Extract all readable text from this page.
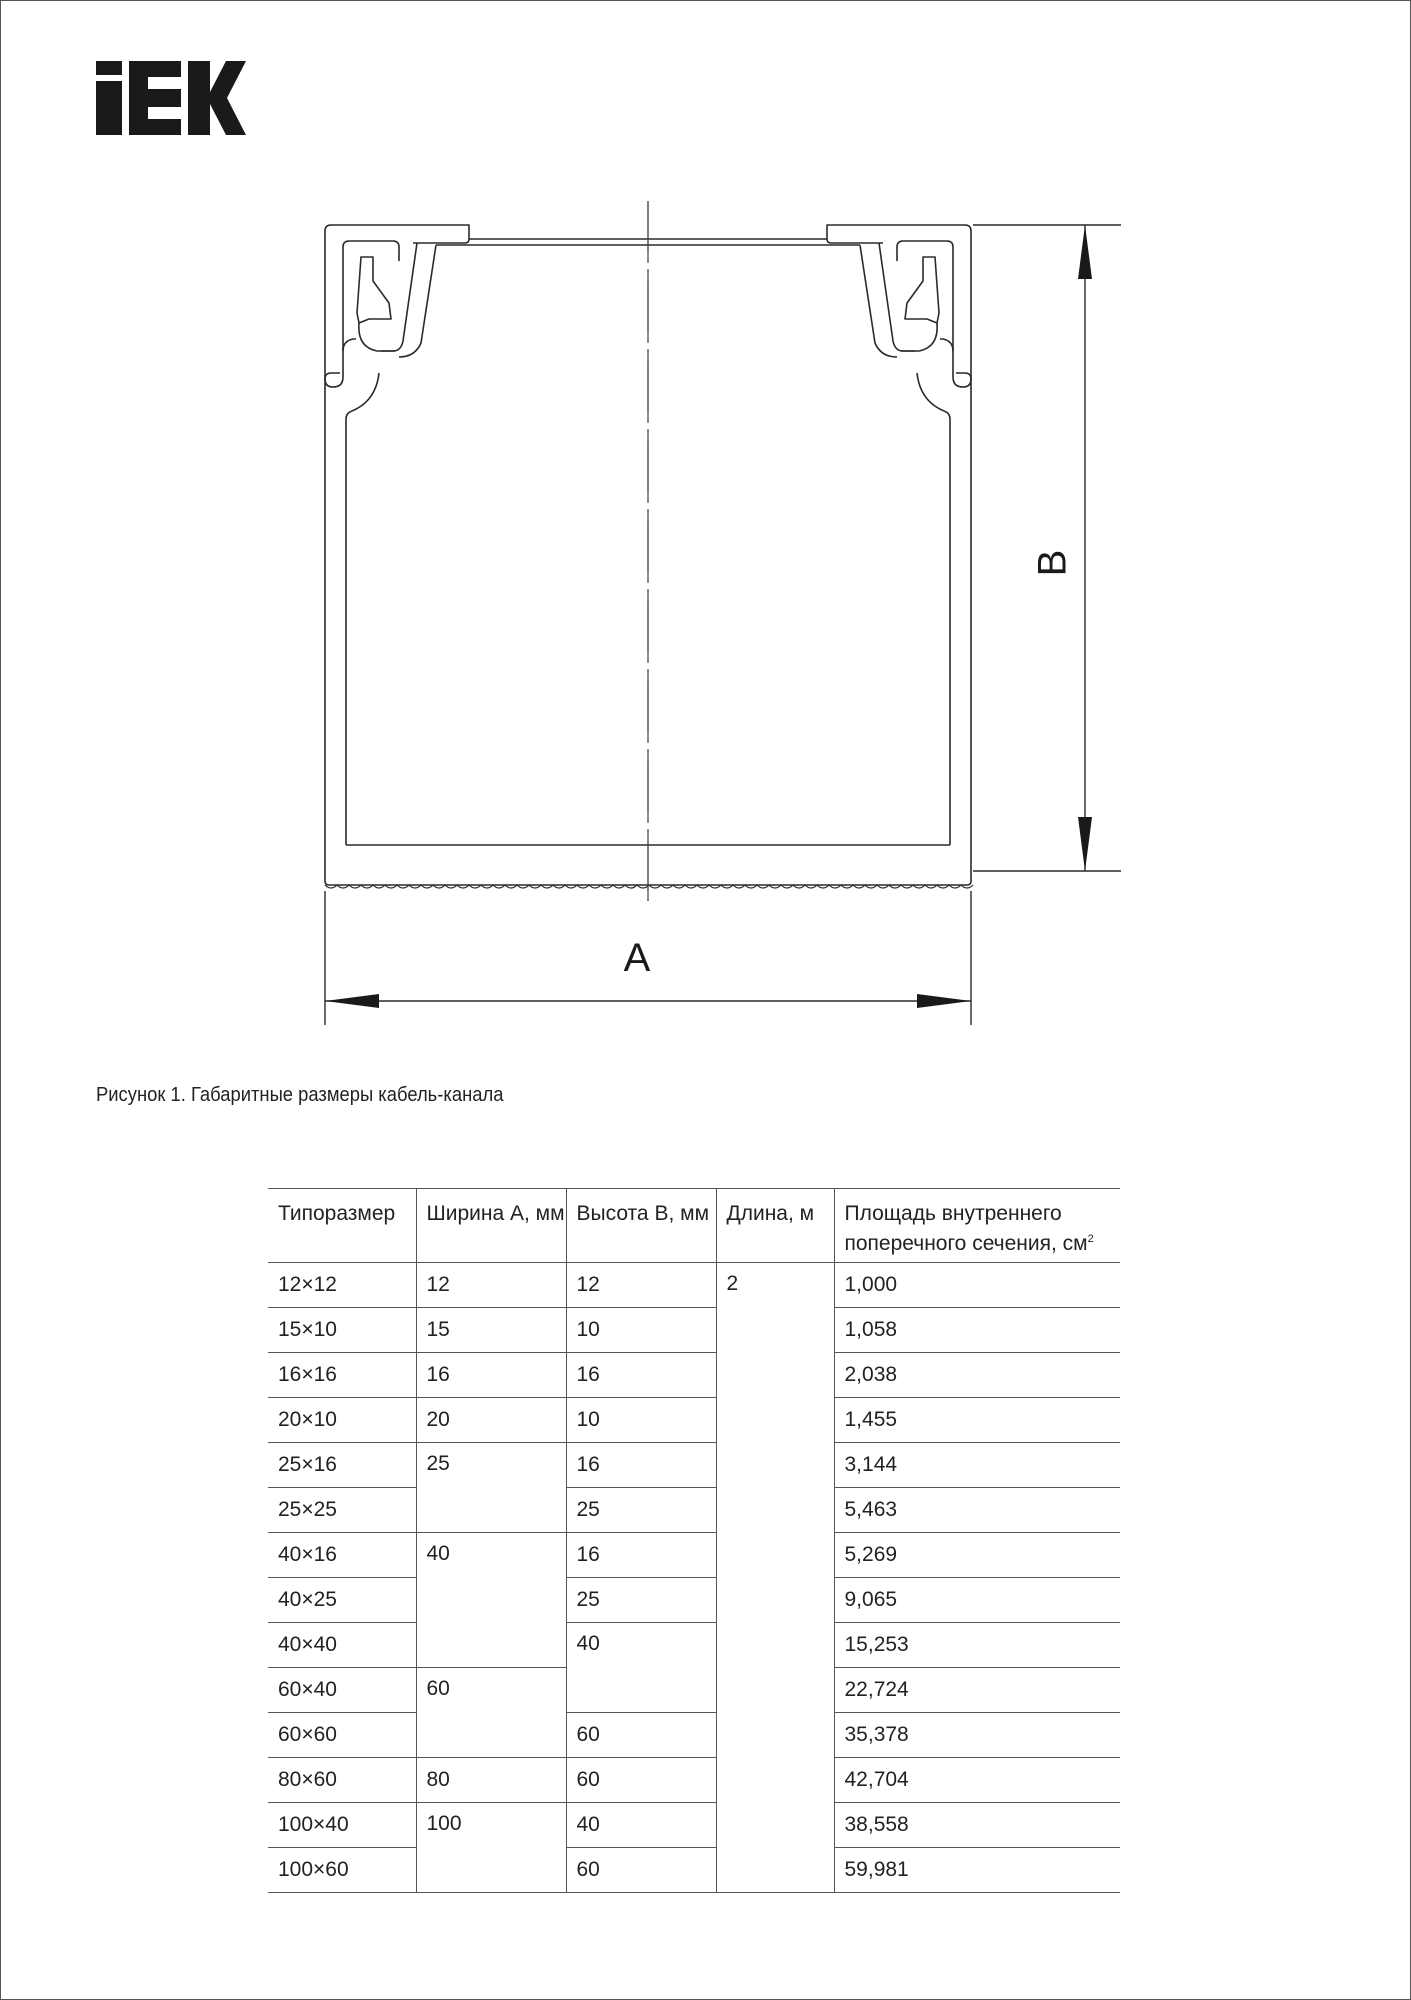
B
A
Рисунок 1. Габаритные размеры кабель-канала
Типоразмер	Ширина А, мм	Высота В, мм	Длина, м	Площадь внутреннего
поперечного сечения, $см^2$
12×12	12	12	2	1,000
15×10	15	10		1,058
16×16	16	16		2,038
20×10	20	10		1,455
25×16	25	16		3,144
25×25		25		5,463
40×16	40	16		5,269
40×25		25		9,065
40×40		40		15,253
60×40	60			22,724
60×60		60		35,378
80×60	80	60		42,704
100×40	100	40		38,558
100×60		60		59,981
